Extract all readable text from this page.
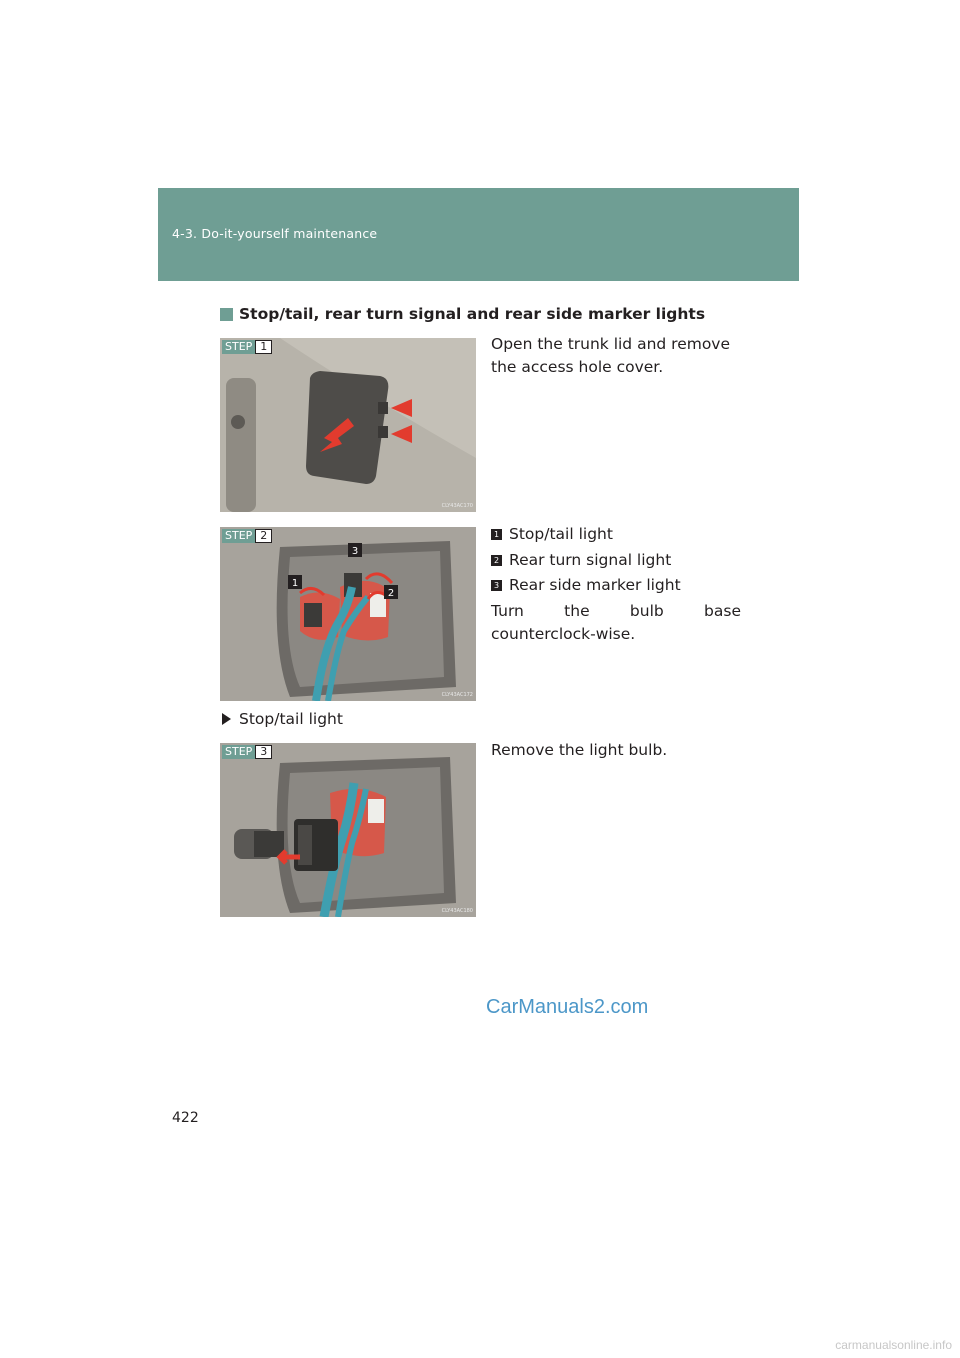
4-3. Do-it-yourself maintenance
Stop/tail, rear turn signal and rear side marker lights
STEP 1
CLY43AC170
Open the trunk lid and remove the access hole cover.
1
2
3
STEP 2
CLY43AC172
1 Stop/tail light
2 Rear turn signal light
3 Rear side marker light
Turn the bulb base counterclock-wise.
Stop/tail light
STEP 3
CLY43AC180
Remove the light bulb.
CarManuals2.com
422
carmanualsonline.info
